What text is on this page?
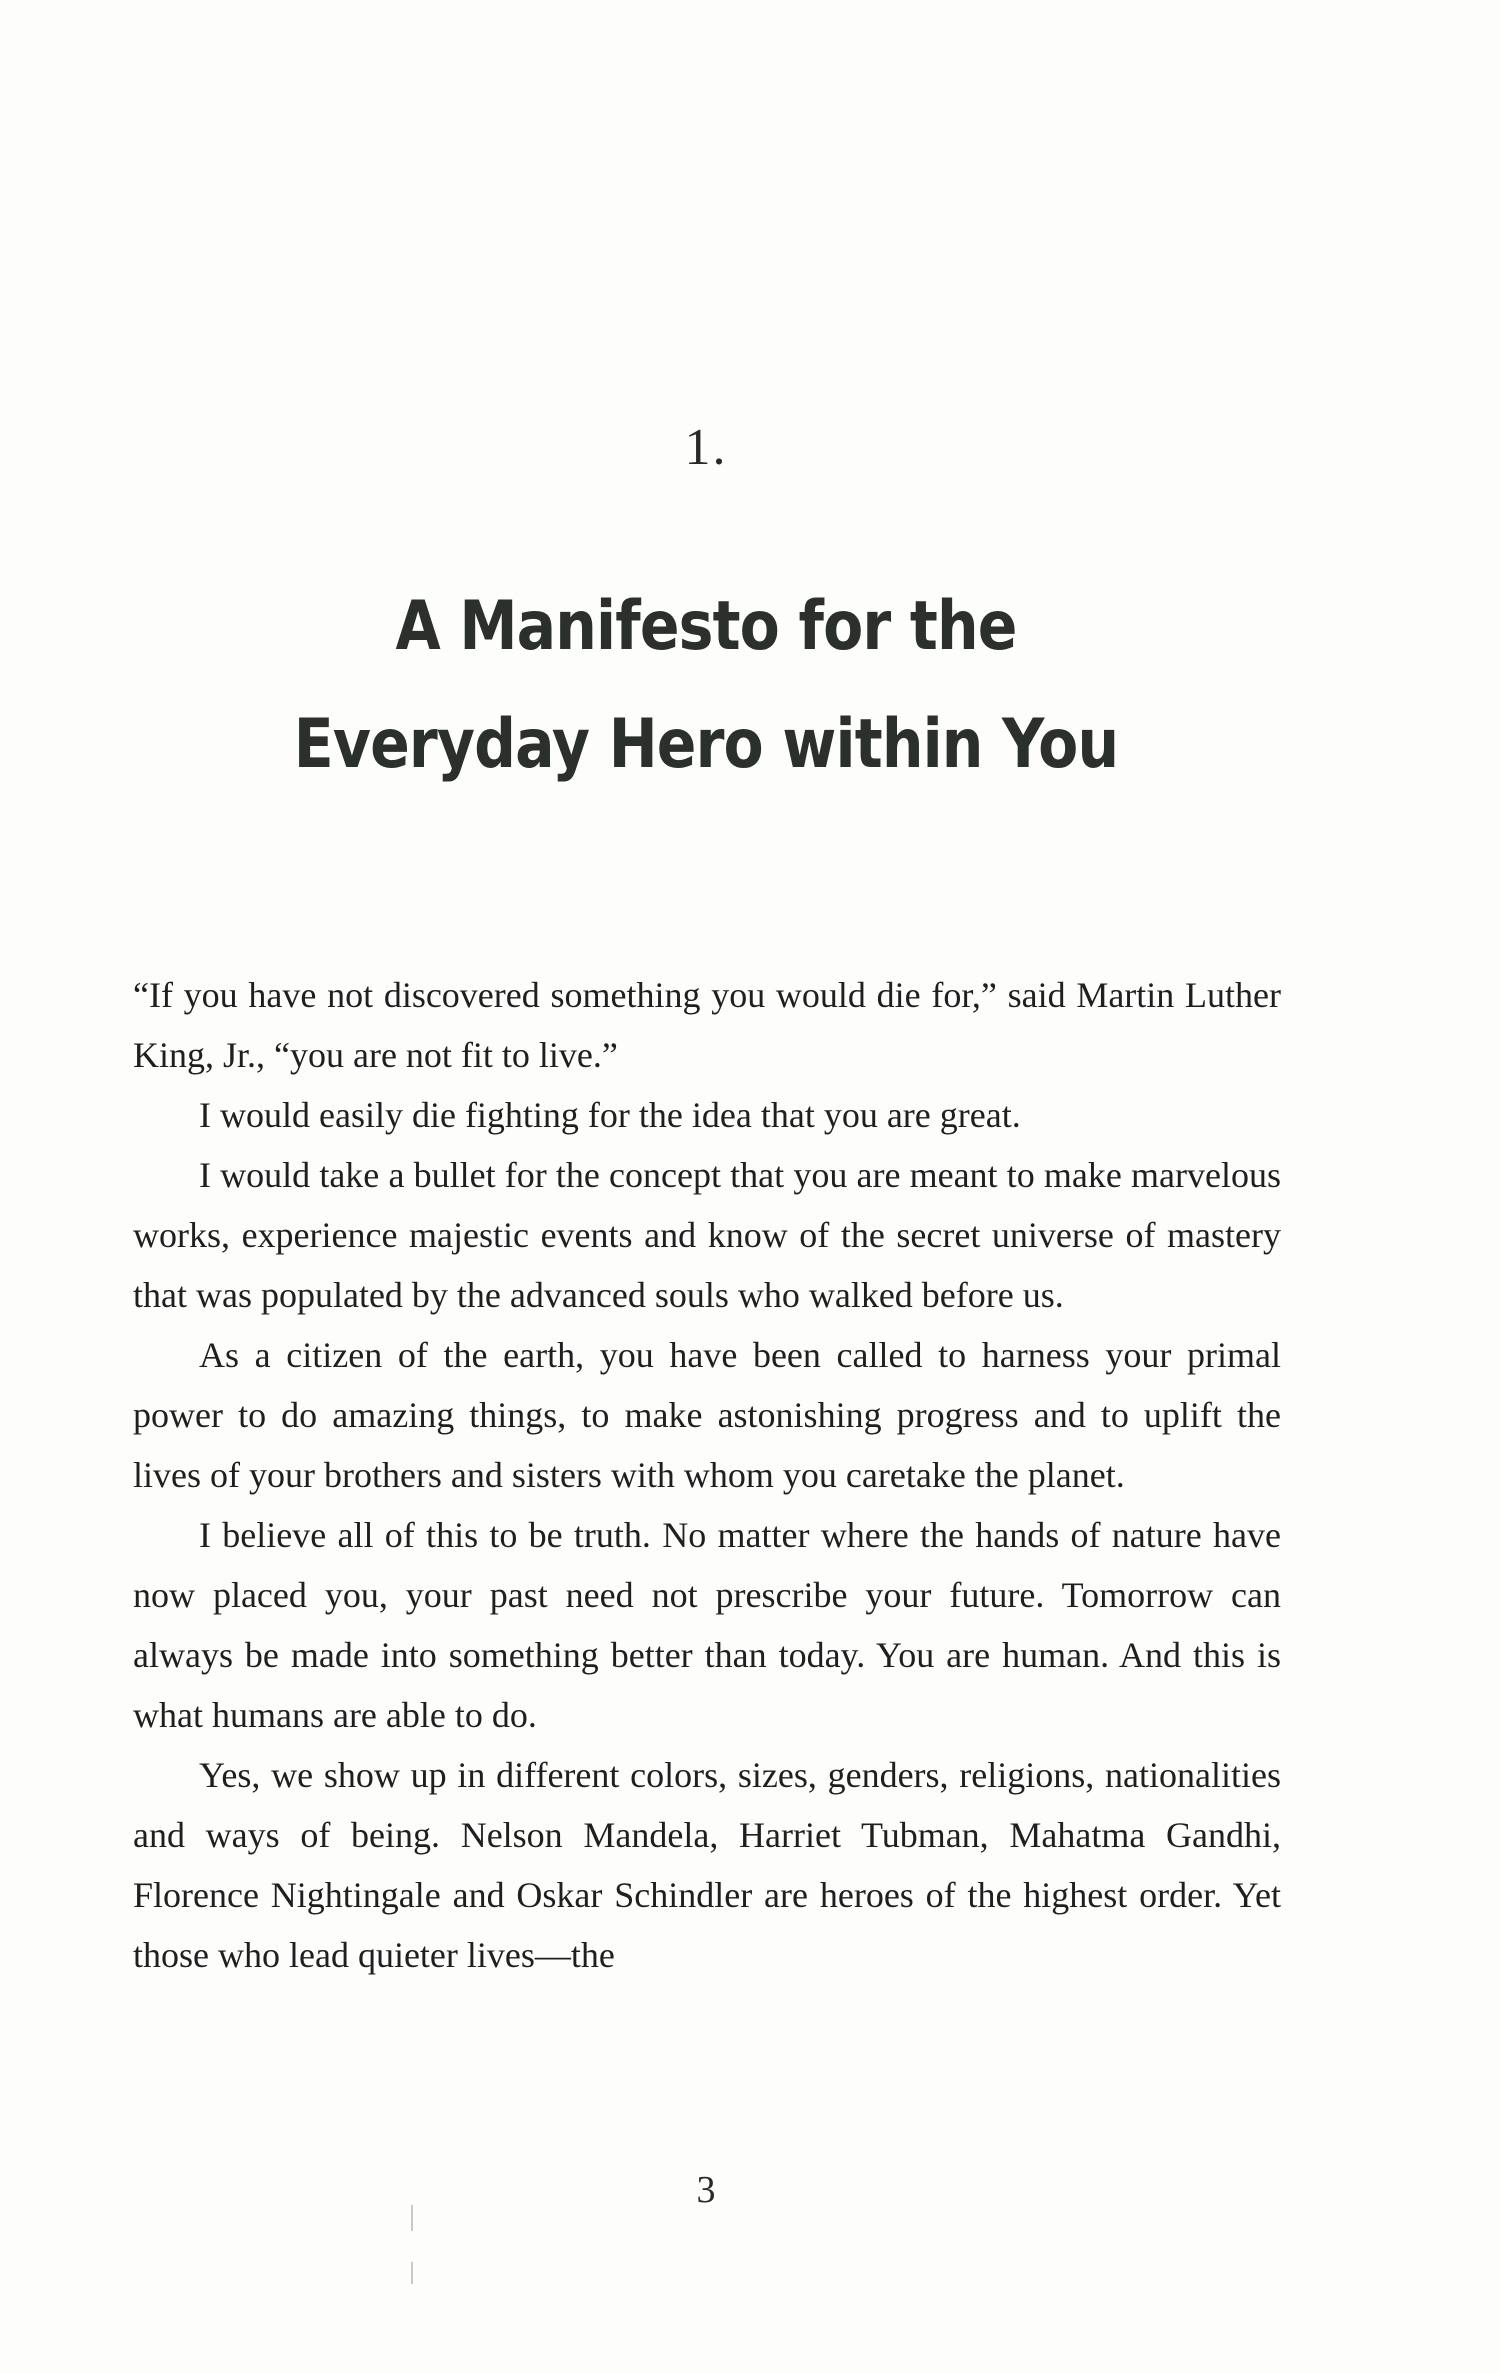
1.
A Manifesto for the
Everyday Hero within You

“If you have not discovered something you would die for,” said Martin Luther King, Jr., “you are not fit to live.”

I would easily die fighting for the idea that you are great.

I would take a bullet for the concept that you are meant to make marvelous works, experience majestic events and know of the secret universe of mastery that was populated by the advanced souls who walked before us.

As a citizen of the earth, you have been called to harness your primal power to do amazing things, to make astonishing progress and to uplift the lives of your brothers and sisters with whom you caretake the planet.

I believe all of this to be truth. No matter where the hands of nature have now placed you, your past need not prescribe your future. Tomorrow can always be made into something better than today. You are human. And this is what humans are able to do.

Yes, we show up in different colors, sizes, genders, religions, nationalities and ways of being. Nelson Mandela, Harriet Tubman, Mahatma Gandhi, Florence Nightingale and Oskar Schindler are heroes of the highest order. Yet those who lead quieter lives—the

3
